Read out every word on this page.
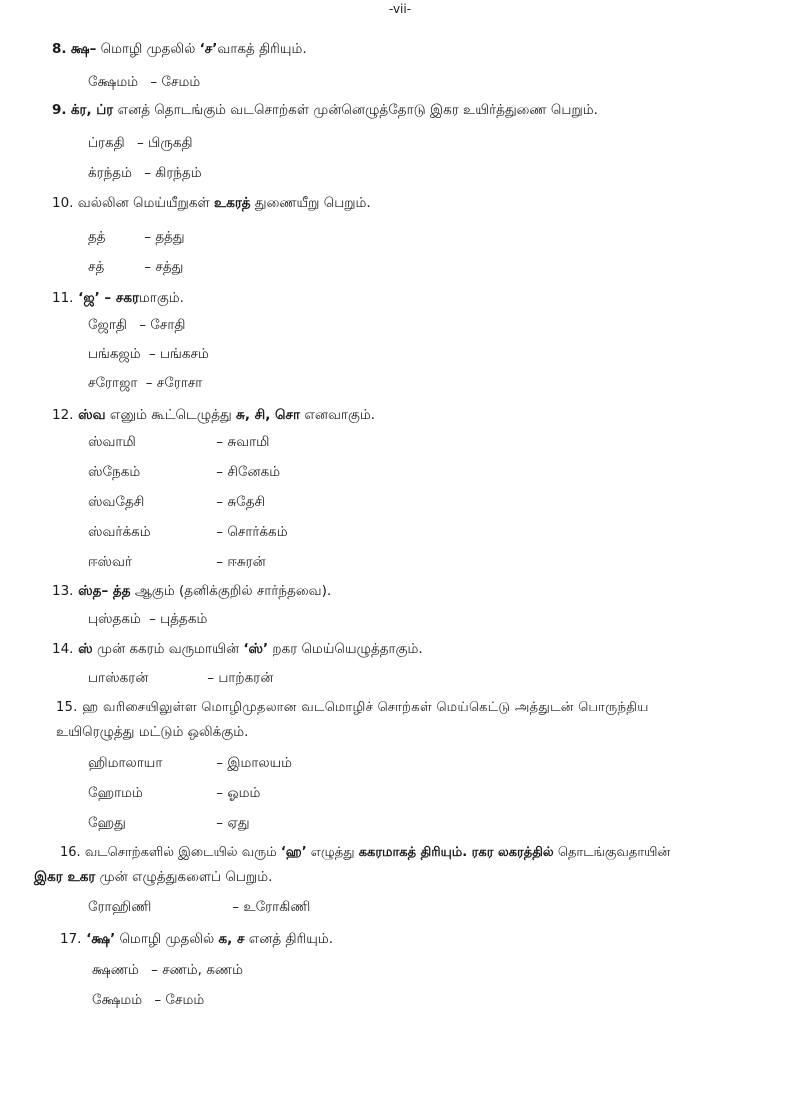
-vii-
8. க்ஷ– மொழி முதலில் ‘ச’வாகத் திரியும்.
க்ஷேமம் – சேமம்
9. க்ர, ப்ர எனத் தொடங்கும் வடசொற்கள் முன்னெழுத்தோடு இகர உயிர்த்துணை பெறும்.
ப்ரகதி – பிருகதி
க்ரந்தம் – கிரந்தம்
10. வல்லின மெய்யீறுகள் உகரத் துணையீறு பெறும்.
தத்	– தத்து
சத்	– சத்து
11. ‘ஜ’ – சகரமாகும்.
ஜோதி – சோதி
பங்கஜம் – பங்கசம்
சரோஜா – சரோசா
12. ஸ்வ எனும் கூட்டெழுத்து சு, சி, சொ எனவாகும்.
ஸ்வாமி	– சுவாமி
ஸ்நேகம்	– சினேகம்
ஸ்வதேசி	– சுதேசி
ஸ்வர்க்கம்	– சொர்க்கம்
ஈஸ்வர்	– ஈசுரன்
13. ஸ்த– த்த ஆகும் (தனிக்குறில் சார்ந்தவை).
புஸ்தகம் – புத்தகம்
14. ஸ் முன் ககரம் வருமாயின் ‘ஸ்’ றகர மெய்யெழுத்தாகும்.
பாஸ்கரன்	– பாற்கரன்
15. ஹ வரிசையிலுள்ள மொழிமுதலான வடமொழிச் சொற்கள் மெய்கெட்டு அத்துடன் பொருந்திய
உயிரெழுத்து மட்டும் ஒலிக்கும்.
ஹிமாலாயா	– இமாலயம்
ஹோமம்	– ஓமம்
ஹேது	– ஏது
16. வடசொற்களில் இடையில் வரும் ‘ஹ’ எழுத்து ககரமாகத் திரியும். ரகர லகரத்தில் தொடங்குவதாயின்
இகர உகர முன் எழுத்துகளைப் பெறும்.
ரோஹிணி	– உரோகிணி
17. ‘க்ஷ’ மொழி முதலில் க, ச எனத் திரியும்.
க்ஷணம் – சணம், கணம்
க்ஷேமம் – சேமம்
